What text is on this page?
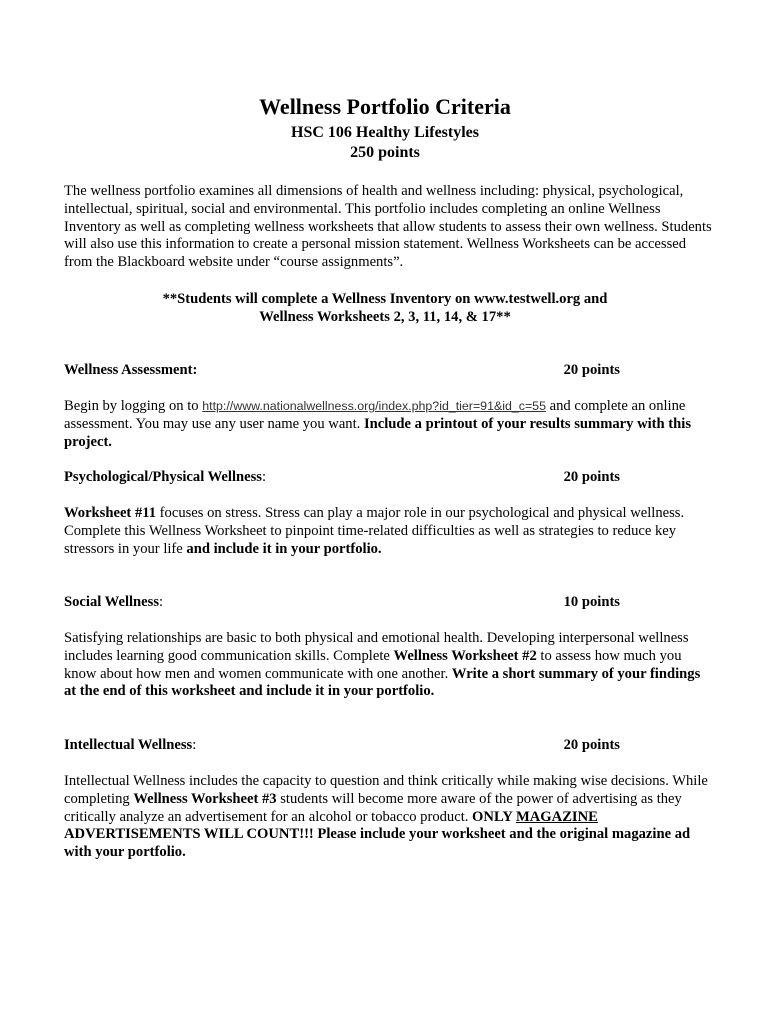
Wellness Portfolio Criteria
HSC 106 Healthy Lifestyles
250 points

The wellness portfolio examines all dimensions of health and wellness including: physical, psychological, intellectual, spiritual, social and environmental. This portfolio includes completing an online Wellness Inventory as well as completing wellness worksheets that allow students to assess their own wellness. Students will also use this information to create a personal mission statement. Wellness Worksheets can be accessed from the Blackboard website under “course assignments”.

**Students will complete a Wellness Inventory on www.testwell.org and
Wellness Worksheets 2, 3, 11, 14, & 17**

Wellness Assessment:	20 points

Begin by logging on to http://www.nationalwellness.org/index.php?id_tier=91&id_c=55 and complete an online assessment. You may use any user name you want. Include a printout of your results summary with this project.

Psychological/Physical Wellness:	20 points

Worksheet #11 focuses on stress. Stress can play a major role in our psychological and physical wellness. Complete this Wellness Worksheet to pinpoint time-related difficulties as well as strategies to reduce key stressors in your life and include it in your portfolio.

Social Wellness:	10 points

Satisfying relationships are basic to both physical and emotional health. Developing interpersonal wellness includes learning good communication skills. Complete Wellness Worksheet #2 to assess how much you know about how men and women communicate with one another. Write a short summary of your findings at the end of this worksheet and include it in your portfolio.

Intellectual Wellness:	20 points

Intellectual Wellness includes the capacity to question and think critically while making wise decisions. While completing Wellness Worksheet #3 students will become more aware of the power of advertising as they critically analyze an advertisement for an alcohol or tobacco product. ONLY MAGAZINE ADVERTISEMENTS WILL COUNT!!! Please include your worksheet and the original magazine ad with your portfolio.
